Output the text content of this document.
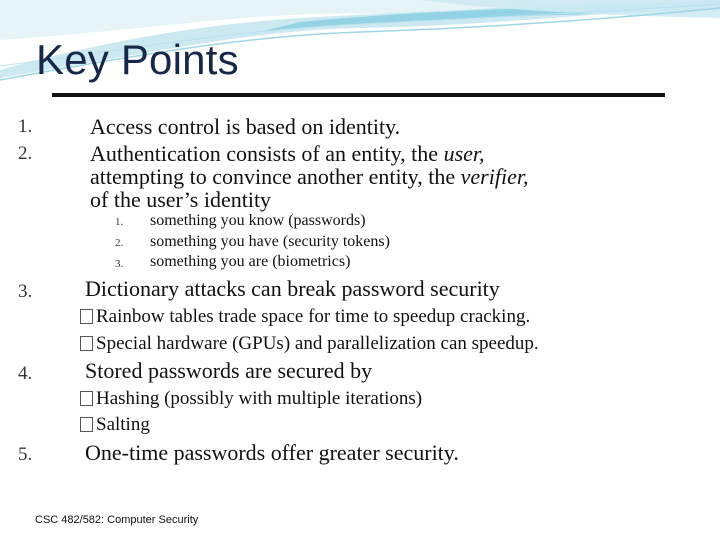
Key Points
1.	Access control is based on identity.
2.	Authentication consists of an entity, the user,
attempting to convince another entity, the verifier,
of the user’s identity
1. something you know (passwords)
2. something you have (security tokens)
3. something you are (biometrics)
3. Dictionary attacks can break password security
Rainbow tables trade space for time to speedup cracking.
Special hardware (GPUs) and parallelization can speedup.
4. Stored passwords are secured by
Hashing (possibly with multiple iterations)
Salting
5. One-time passwords offer greater security.
CSC 482/582: Computer Security
